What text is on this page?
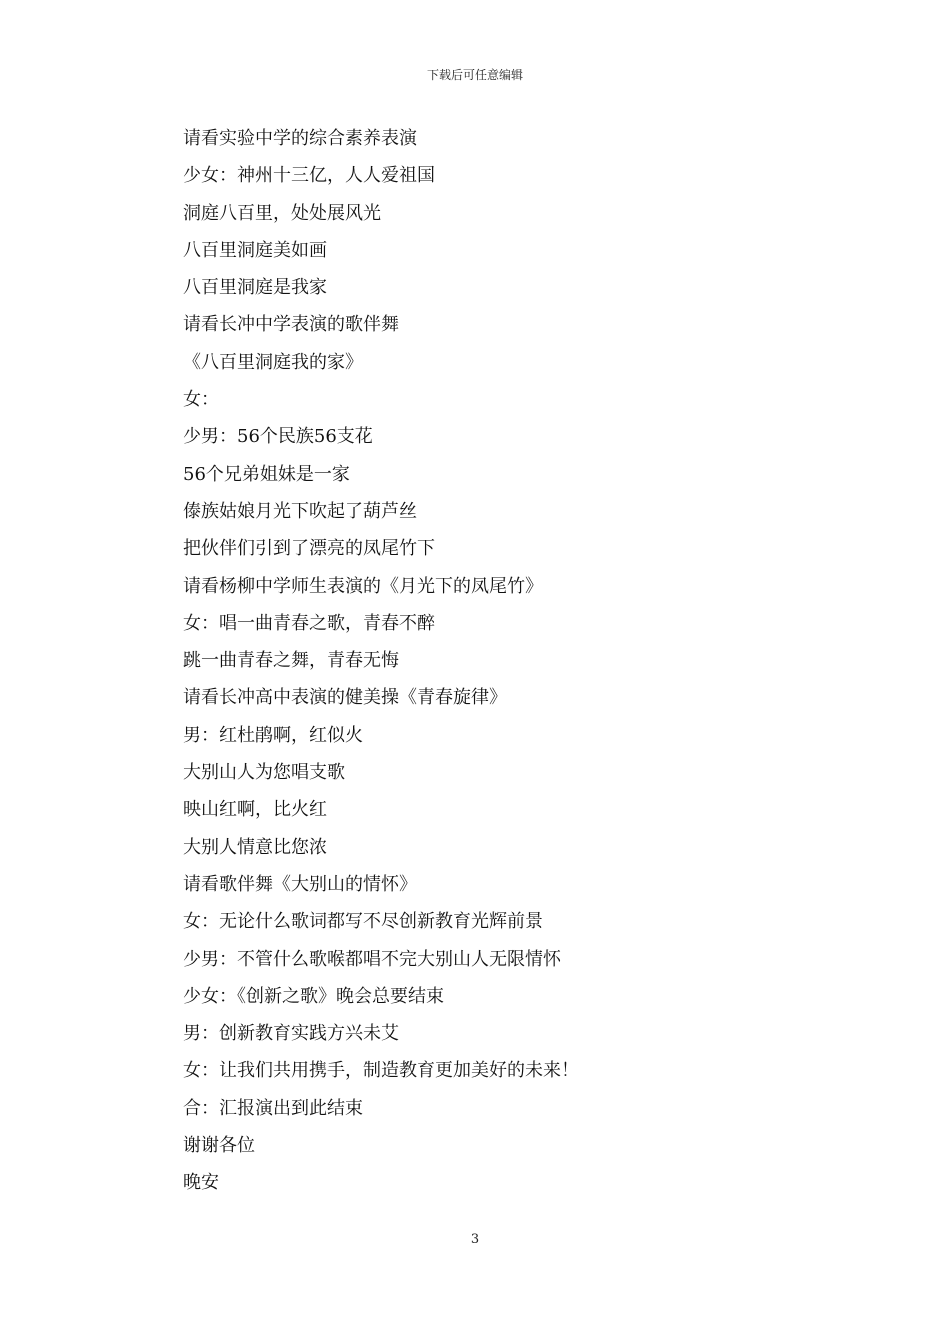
下载后可任意编辑
请看实验中学的综合素养表演
少女：神州十三亿，人人爱祖国
洞庭八百里，处处展风光
八百里洞庭美如画
八百里洞庭是我家
请看长冲中学表演的歌伴舞
《八百里洞庭我的家》
女：
少男：56个民族56支花
56个兄弟姐妹是一家
傣族姑娘月光下吹起了葫芦丝
把伙伴们引到了漂亮的凤尾竹下
请看杨柳中学师生表演的《月光下的凤尾竹》
女：唱一曲青春之歌，青春不醉
跳一曲青春之舞，青春无悔
请看长冲高中表演的健美操《青春旋律》
男：红杜鹃啊，红似火
大别山人为您唱支歌
映山红啊，比火红
大别人情意比您浓
请看歌伴舞《大别山的情怀》
女：无论什么歌词都写不尽创新教育光辉前景
少男：不管什么歌喉都唱不完大别山人无限情怀
少女：《创新之歌》晚会总要结束
男：创新教育实践方兴未艾
女：让我们共用携手，制造教育更加美好的未来！
合：汇报演出到此结束
谢谢各位
晚安
3
